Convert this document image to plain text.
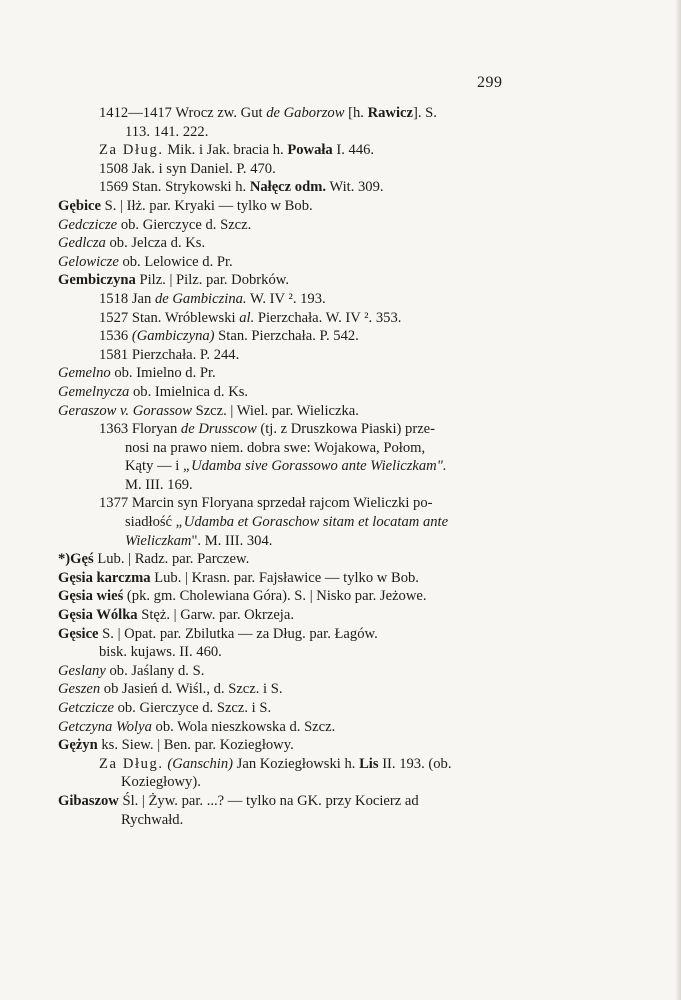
299
1412—1417 Wrocz zw. Gut de Gaborzow [h. Rawicz]. S.
113. 141. 222.
Za Dług. Mik. i Jak. bracia h. Powała I. 446.
1508 Jak. i syn Daniel. P. 470.
1569 Stan. Strykowski h. Nałęcz odm. Wit. 309.
Gębice S. | Iłż. par. Kryaki — tylko w Bob.
Gedczicze ob. Gierczyce d. Szcz.
Gedlcza ob. Jelcza d. Ks.
Gelowicze ob. Lelowice d. Pr.
Gembiczyna Pilz. | Pilz. par. Dobrków.
1518 Jan de Gambiczina. W. IV ². 193.
1527 Stan. Wróblewski al. Pierzchała. W. IV ². 353.
1536 (Gambiczyna) Stan. Pierzchała. P. 542.
1581 Pierzchała. P. 244.
Gemelno ob. Imielno d. Pr.
Gemelnycza ob. Imielnica d. Ks.
Geraszow v. Gorassow Szcz. | Wiel. par. Wieliczka.
1363 Floryan de Drusscow (tj. z Druszkowa Piaski) prze-
nosi na prawo niem. dobra swe: Wojakowa, Połom,
Kąty — i „Udamba sive Gorassowo ante Wieliczkam".
M. III. 169.
1377 Marcin syn Floryana sprzedał rajcom Wieliczki po-
siadłość „Udamba et Goraschow sitam et locatam ante
Wieliczkam". M. III. 304.
*)Gęś Lub. | Radz. par. Parczew.
Gęsia karczma Lub. | Krasn. par. Fajsławice — tylko w Bob.
Gęsia wieś (pk. gm. Cholewiana Góra). S. | Nisko par. Jeżowe.
Gęsia Wólka Stęż. | Garw. par. Okrzeja.
Gęsice S. | Opat. par. Zbilutka — za Dług. par. Łagów.
bisk. kujaws. II. 460.
Geslany ob. Jaślany d. S.
Geszen ob Jasień d. Wiśl., d. Szcz. i S.
Getczicze ob. Gierczyce d. Szcz. i S.
Getczyna Wolya ob. Wola nieszkowska d. Szcz.
Gężyn ks. Siew. | Ben. par. Koziegłowy.
Za Dług. (Ganschin) Jan Koziegłowski h. Lis II. 193. (ob.
Koziegłowy).
Gibaszow Śl. | Żyw. par. ...? — tylko na GK. przy Kocierz ad
Rychwałd.
